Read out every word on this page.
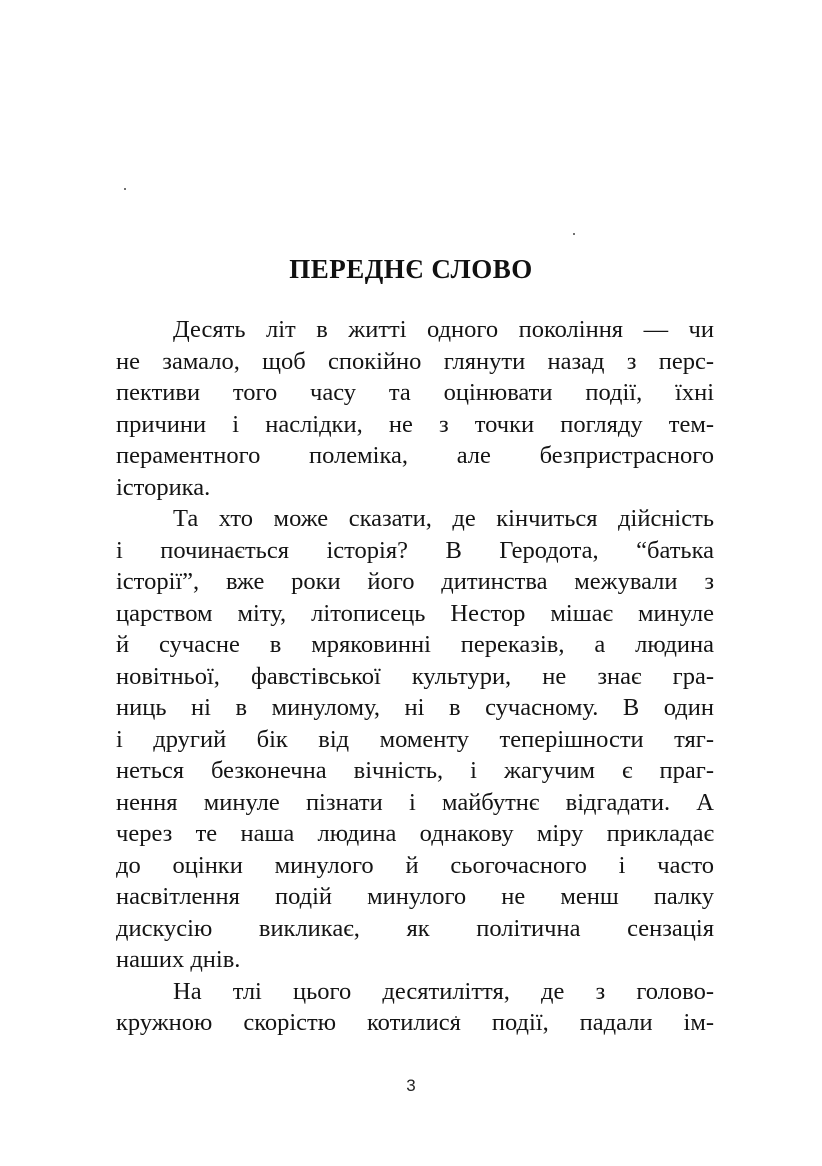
ПЕРЕДНЄ СЛОВО
Десять літ в житті одного покоління — чи
не замало, щоб спокійно глянути назад з перс-
пективи того часу та оцінювати події, їхні
причини і наслідки, не з точки погляду тем-
пераментного полеміка, але безпристрасного
історика.
Та хто може сказати, де кінчиться дійсність
і починається історія? В Геродота, “батька
історії”, вже роки його дитинства межували з
царством міту, літописець Нестор мішає минуле
й сучасне в мряковинні переказів, а людина
новітньої, фавстівської культури, не знає гра-
ниць ні в минулому, ні в сучасному. В один
і другий бік від моменту теперішности тяг-
неться безконечна вічність, і жагучим є праг-
нення минуле пізнати і майбутнє відгадати. А
через те наша людина однакову міру прикладає
до оцінки минулого й сьогочасного і часто
насвітлення подій минулого не менш палку
дискусію викликає, як політична сензація
наших днів.
На тлі цього десятиліття, де з голово-
кружною скорістю котилися події, падали ім-
3
